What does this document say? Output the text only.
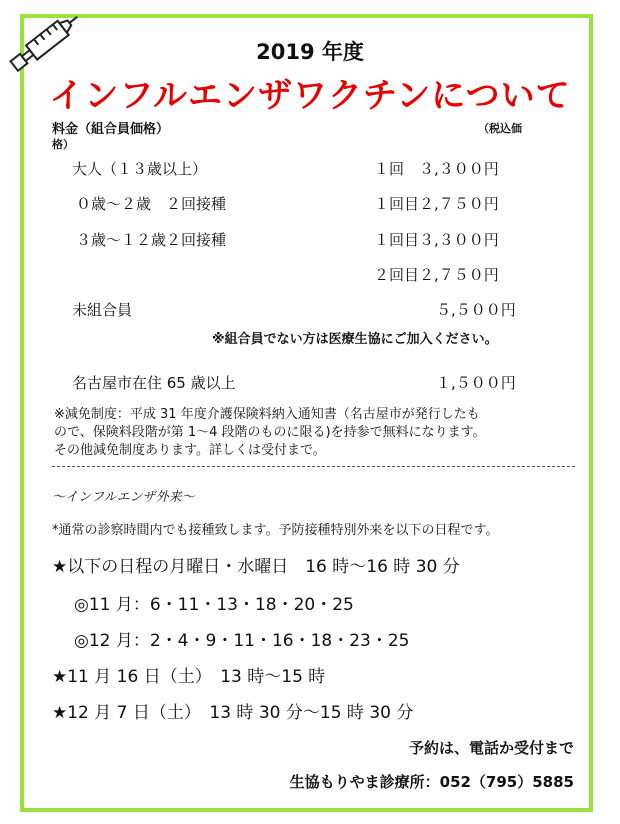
2019 年度
インフルエンザワクチンについて
料金（組合員価格）	（税込価
格）
大人（１３歳以上）	１回　３,３００円
０歳～２歳　２回接種	１回目２,７５０円
３歳～１２歳２回接種	１回目３,３００円
２回目２,７５０円
未組合員	５,５００円
※組合員でない方は医療生協にご加入ください。
名古屋市在住 65 歳以上	１,５００円
※減免制度：平成 31 年度介護保険料納入通知書（名古屋市が発行したも
ので、保険料段階が第 1～4 段階のものに限る)を持参で無料になります。
その他減免制度あります。詳しくは受付まで。
～インフルエンザ外来～
*通常の診察時間内でも接種致します。予防接種特別外来を以下の日程です。
★以下の日程の月曜日・水曜日　16 時～16 時 30 分
◎11 月：6・11・13・18・20・25
◎12 月：2・4・9・11・16・18・23・25
★11 月 16 日（土）　13 時～15 時
★12 月 7 日（土）　13 時 30 分～15 時 30 分
予約は、電話か受付まで
生協もりやま診療所：052（795）5885
